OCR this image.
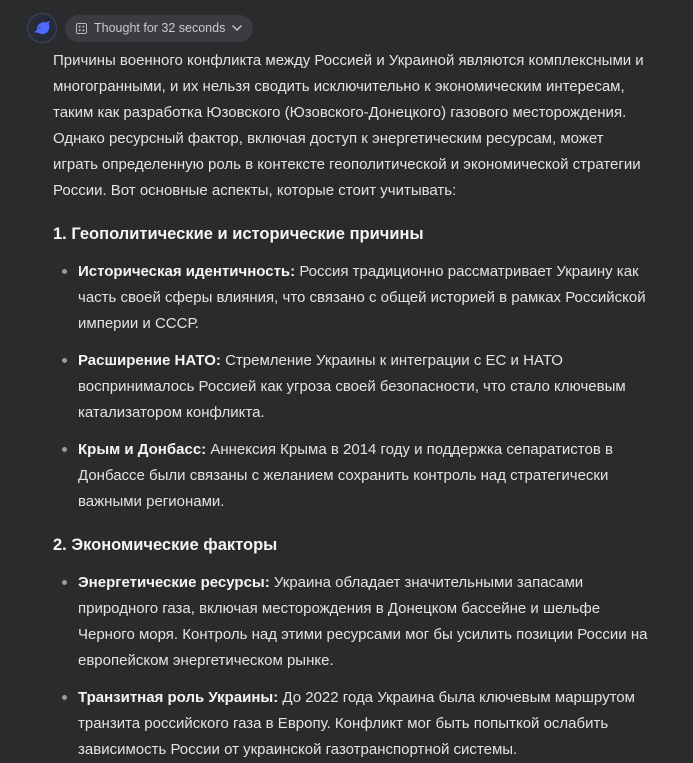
Thought for 32 seconds

Причины военного конфликта между Россией и Украиной являются комплексными и многогранными, и их нельзя сводить исключительно к экономическим интересам, таким как разработка Юзовского (Юзовского-Донецкого) газового месторождения. Однако ресурсный фактор, включая доступ к энергетическим ресурсам, может играть определенную роль в контексте геополитической и экономической стратегии России. Вот основные аспекты, которые стоит учитывать:

1. Геополитические и исторические причины
Историческая идентичность: Россия традиционно рассматривает Украину как часть своей сферы влияния, что связано с общей историей в рамках Российской империи и СССР.
Расширение НАТО: Стремление Украины к интеграции с ЕС и НАТО воспринималось Россией как угроза своей безопасности, что стало ключевым катализатором конфликта.
Крым и Донбасс: Аннексия Крыма в 2014 году и поддержка сепаратистов в Донбассе были связаны с желанием сохранить контроль над стратегически важными регионами.
2. Экономические факторы
Энергетические ресурсы: Украина обладает значительными запасами природного газа, включая месторождения в Донецком бассейне и шельфе Черного моря. Контроль над этими ресурсами мог бы усилить позиции России на европейском энергетическом рынке.
Транзитная роль Украины: До 2022 года Украина была ключевым маршрутом транзита российского газа в Европу. Конфликт мог быть попыткой ослабить зависимость России от украинской газотранспортной системы.
